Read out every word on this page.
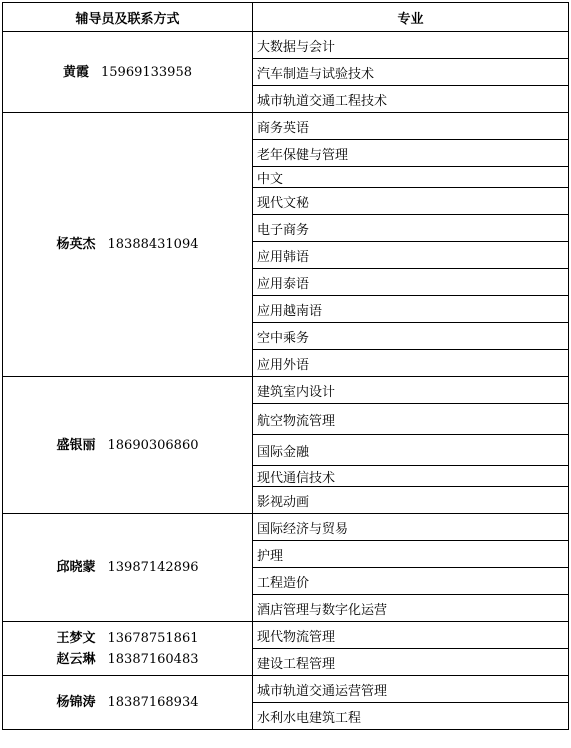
辅导员及联系方式	专业

黄霞 15969133958	大数据与会计
	汽车制造与试验技术
	城市轨道交通工程技术

杨英杰 18388431094	商务英语
	老年保健与管理
	中文
	现代文秘
	电子商务
	应用韩语
	应用泰语
	应用越南语
	空中乘务
	应用外语

盛银丽 18690306860	建筑室内设计
	航空物流管理
	国际金融
	现代通信技术
	影视动画

邱晓蒙 13987142896	国际经济与贸易
	护理
	工程造价
	酒店管理与数字化运营

王梦文 13678751861
赵云琳 18387160483	现代物流管理
	建设工程管理

杨锦涛 18387168934	城市轨道交通运营管理
	水利水电建筑工程
